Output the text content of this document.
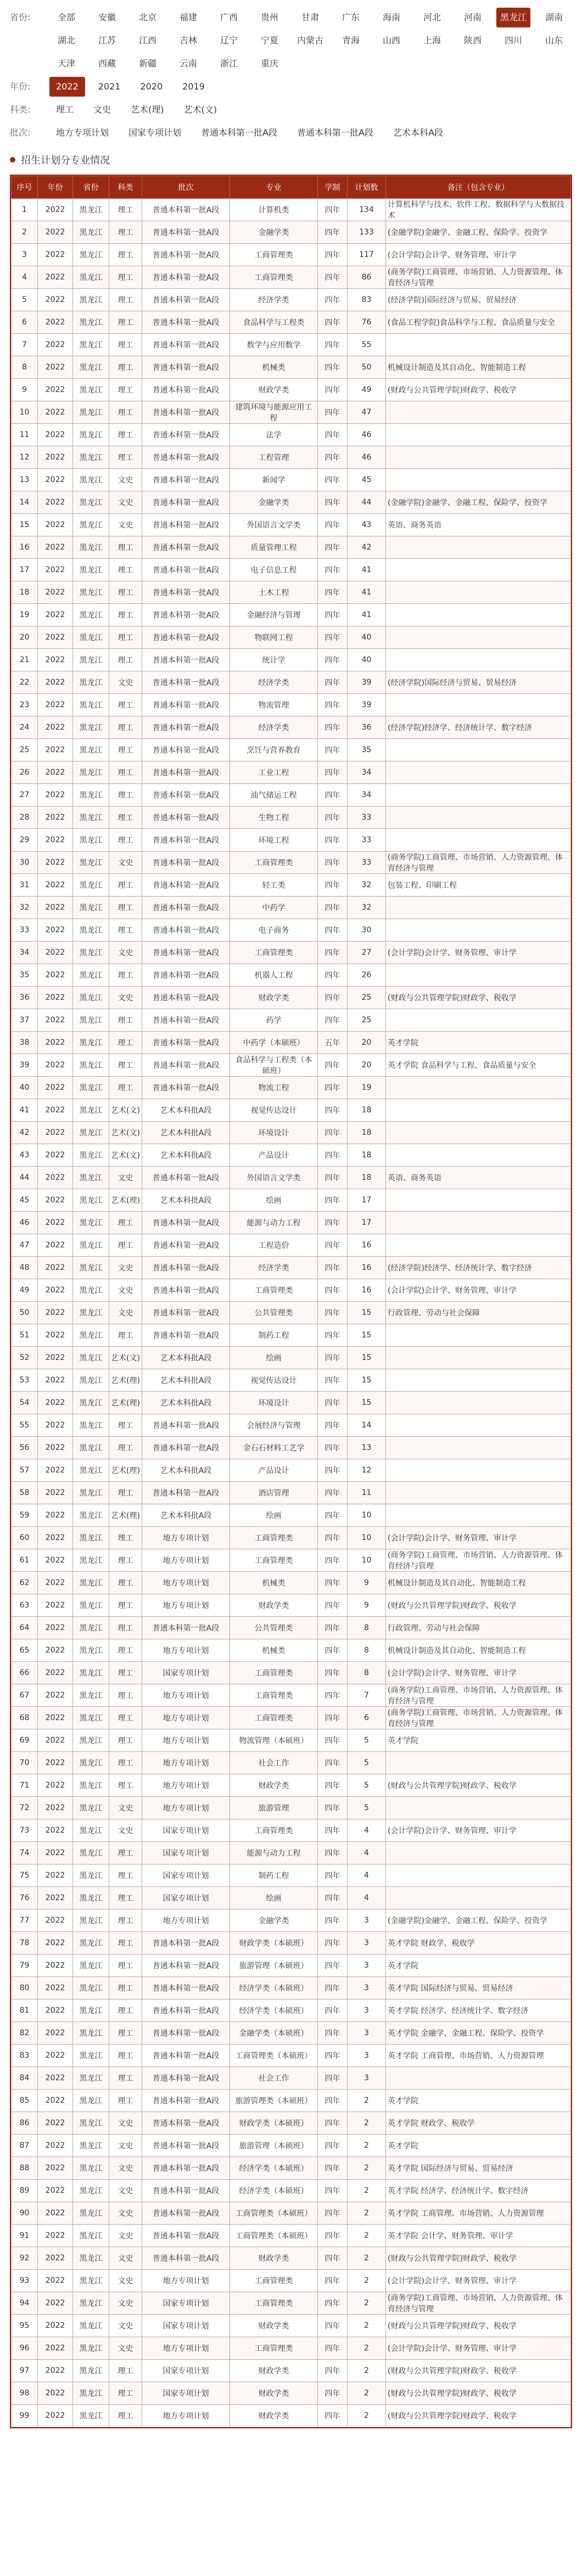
省份:	全部	安徽	北京	福建	广西	贵州	甘肃	广东	海南	河北	河南	黑龙江	湖南
湖北	江苏	江西	吉林	辽宁	宁夏	内蒙古	青海	山西	上海	陕西	四川	山东
天津	西藏	新疆	云南	浙江	重庆
年份:	2022	2021	2020	2019
科类:	理工	文史	艺术(理)	艺术(文)
批次:	地方专项计划	国家专项计划	普通本科第一批A段	普通本科第一批A段	艺术本科A段
招生计划分专业情况
序号	年份	省份	科类	批次	专业	学制	计划数	备注（包含专业）
1	2022	黑龙江	理工	普通本科第一批A段	计算机类	四年	134	计算机科学与技术、软件工程、数据科学与大数据技术
2	2022	黑龙江	理工	普通本科第一批A段	金融学类	四年	133	(金融学院)金融学、金融工程、保险学、投资学
3	2022	黑龙江	理工	普通本科第一批A段	工商管理类	四年	117	(会计学院)会计学、财务管理、审计学
4	2022	黑龙江	理工	普通本科第一批A段	工商管理类	四年	86	(商务学院)工商管理、市场营销、人力资源管理、体育经济与管理
5	2022	黑龙江	理工	普通本科第一批A段	经济学类	四年	83	(经济学院)国际经济与贸易、贸易经济
6	2022	黑龙江	理工	普通本科第一批A段	食品科学与工程类	四年	76	(食品工程学院)食品科学与工程、食品质量与安全
7	2022	黑龙江	理工	普通本科第一批A段	数学与应用数学	四年	55	
8	2022	黑龙江	理工	普通本科第一批A段	机械类	四年	50	机械设计制造及其自动化、智能制造工程
9	2022	黑龙江	理工	普通本科第一批A段	财政学类	四年	49	(财政与公共管理学院)财政学、税收学
10	2022	黑龙江	理工	普通本科第一批A段	建筑环境与能源应用工程	四年	47	
11	2022	黑龙江	理工	普通本科第一批A段	法学	四年	46	
12	2022	黑龙江	理工	普通本科第一批A段	工程管理	四年	46	
13	2022	黑龙江	文史	普通本科第一批A段	新闻学	四年	45	
14	2022	黑龙江	文史	普通本科第一批A段	金融学类	四年	44	(金融学院)金融学、金融工程、保险学、投资学
15	2022	黑龙江	文史	普通本科第一批A段	外国语言文学类	四年	43	英语、商务英语
16	2022	黑龙江	理工	普通本科第一批A段	质量管理工程	四年	42	
17	2022	黑龙江	理工	普通本科第一批A段	电子信息工程	四年	41	
18	2022	黑龙江	理工	普通本科第一批A段	土木工程	四年	41	
19	2022	黑龙江	理工	普通本科第一批A段	金融经济与管理	四年	41	
20	2022	黑龙江	理工	普通本科第一批A段	物联网工程	四年	40	
21	2022	黑龙江	理工	普通本科第一批A段	统计学	四年	40	
22	2022	黑龙江	文史	普通本科第一批A段	经济学类	四年	39	(经济学院)国际经济与贸易、贸易经济
23	2022	黑龙江	理工	普通本科第一批A段	物流管理	四年	39	
24	2022	黑龙江	理工	普通本科第一批A段	经济学类	四年	36	(经济学院)经济学、经济统计学、数字经济
25	2022	黑龙江	理工	普通本科第一批A段	烹饪与营养教育	四年	35	
26	2022	黑龙江	理工	普通本科第一批A段	工业工程	四年	34	
27	2022	黑龙江	理工	普通本科第一批A段	油气储运工程	四年	34	
28	2022	黑龙江	理工	普通本科第一批A段	生物工程	四年	33	
29	2022	黑龙江	理工	普通本科第一批A段	环境工程	四年	33	
30	2022	黑龙江	文史	普通本科第一批A段	工商管理类	四年	33	(商务学院)工商管理、市场营销、人力资源管理、体育经济与管理
31	2022	黑龙江	理工	普通本科第一批A段	轻工类	四年	32	包装工程、印刷工程
32	2022	黑龙江	理工	普通本科第一批A段	中药学	四年	32	
33	2022	黑龙江	理工	普通本科第一批A段	电子商务	四年	30	
34	2022	黑龙江	文史	普通本科第一批A段	工商管理类	四年	27	(会计学院)会计学、财务管理、审计学
35	2022	黑龙江	理工	普通本科第一批A段	机器人工程	四年	26	
36	2022	黑龙江	文史	普通本科第一批A段	财政学类	四年	25	(财政与公共管理学院)财政学、税收学
37	2022	黑龙江	理工	普通本科第一批A段	药学	四年	25	
38	2022	黑龙江	理工	普通本科第一批A段	中药学（本硕班）	五年	20	英才学院
39	2022	黑龙江	理工	普通本科第一批A段	食品科学与工程类（本硕班）	四年	20	英才学院 食品科学与工程、食品质量与安全
40	2022	黑龙江	理工	普通本科第一批A段	物流工程	四年	19	
41	2022	黑龙江	艺术(文)	艺术本科批A段	视觉传达设计	四年	18	
42	2022	黑龙江	艺术(文)	艺术本科批A段	环境设计	四年	18	
43	2022	黑龙江	艺术(文)	艺术本科批A段	产品设计	四年	18	
44	2022	黑龙江	文史	普通本科第一批A段	外国语言文学类	四年	18	英语、商务英语
45	2022	黑龙江	艺术(理)	艺术本科批A段	绘画	四年	17	
46	2022	黑龙江	理工	普通本科第一批A段	能源与动力工程	四年	17	
47	2022	黑龙江	理工	普通本科第一批A段	工程造价	四年	16	
48	2022	黑龙江	文史	普通本科第一批A段	经济学类	四年	16	(经济学院)经济学、经济统计学、数字经济
49	2022	黑龙江	文史	普通本科第一批A段	工商管理类	四年	16	(会计学院)会计学、财务管理、审计学
50	2022	黑龙江	文史	普通本科第一批A段	公共管理类	四年	15	行政管理、劳动与社会保障
51	2022	黑龙江	理工	普通本科第一批A段	制药工程	四年	15	
52	2022	黑龙江	艺术(文)	艺术本科批A段	绘画	四年	15	
53	2022	黑龙江	艺术(理)	艺术本科批A段	视觉传达设计	四年	15	
54	2022	黑龙江	艺术(理)	艺术本科批A段	环境设计	四年	15	
55	2022	黑龙江	理工	普通本科第一批A段	会展经济与管理	四年	14	
56	2022	黑龙江	理工	普通本科第一批A段	金石石材料工艺学	四年	13	
57	2022	黑龙江	艺术(理)	艺术本科批A段	产品设计	四年	12	
58	2022	黑龙江	理工	普通本科第一批A段	酒店管理	四年	11	
59	2022	黑龙江	艺术(理)	艺术本科批A段	绘画	四年	10	
60	2022	黑龙江	理工	地方专项计划	工商管理类	四年	10	(会计学院)会计学、财务管理、审计学
61	2022	黑龙江	理工	地方专项计划	工商管理类	四年	10	(商务学院)工商管理、市场营销、人力资源管理、体育经济与管理
62	2022	黑龙江	理工	地方专项计划	机械类	四年	9	机械设计制造及其自动化、智能制造工程
63	2022	黑龙江	理工	地方专项计划	财政学类	四年	9	(财政与公共管理学院)财政学、税收学
64	2022	黑龙江	理工	普通本科第一批A段	公共管理类	四年	8	行政管理、劳动与社会保障
65	2022	黑龙江	理工	地方专项计划	机械类	四年	8	机械设计制造及其自动化、智能制造工程
66	2022	黑龙江	理工	国家专项计划	工商管理类	四年	8	(会计学院)会计学、财务管理、审计学
67	2022	黑龙江	理工	地方专项计划	工商管理类	四年	7	(商务学院)工商管理、市场营销、人力资源管理、体育经济与管理
68	2022	黑龙江	理工	地方专项计划	工商管理类	四年	6	(商务学院)工商管理、市场营销、人力资源管理、体育经济与管理
69	2022	黑龙江	理工	地方专项计划	物流管理（本硕班）	四年	5	英才学院
70	2022	黑龙江	理工	地方专项计划	社会工作	四年	5	
71	2022	黑龙江	理工	地方专项计划	财政学类	四年	5	(财政与公共管理学院)财政学、税收学
72	2022	黑龙江	文史	地方专项计划	旅游管理	四年	5	
73	2022	黑龙江	文史	国家专项计划	工商管理类	四年	4	(会计学院)会计学、财务管理、审计学
74	2022	黑龙江	理工	国家专项计划	能源与动力工程	四年	4	
75	2022	黑龙江	理工	国家专项计划	制药工程	四年	4	
76	2022	黑龙江	理工	国家专项计划	绘画	四年	4	
77	2022	黑龙江	理工	地方专项计划	金融学类	四年	3	(金融学院)金融学、金融工程、保险学、投资学
78	2022	黑龙江	理工	普通本科第一批A段	财政学类（本硕班）	四年	3	英才学院 财政学、税收学
79	2022	黑龙江	理工	普通本科第一批A段	旅游管理（本硕班）	四年	3	英才学院
80	2022	黑龙江	理工	普通本科第一批A段	经济学类（本硕班）	四年	3	英才学院 国际经济与贸易、贸易经济
81	2022	黑龙江	理工	普通本科第一批A段	经济学类（本硕班）	四年	3	英才学院 经济学、经济统计学、数字经济
82	2022	黑龙江	理工	普通本科第一批A段	金融学类（本硕班）	四年	3	英才学院 金融学、金融工程、保险学、投资学
83	2022	黑龙江	理工	普通本科第一批A段	工商管理类（本硕班）	四年	3	英才学院 工商管理、市场营销、人力资源管理
84	2022	黑龙江	理工	普通本科第一批A段	社会工作	四年	3	
85	2022	黑龙江	理工	普通本科第一批A段	旅游管理类（本硕班）	四年	2	英才学院
86	2022	黑龙江	文史	普通本科第一批A段	财政学类（本硕班）	四年	2	英才学院 财政学、税收学
87	2022	黑龙江	文史	普通本科第一批A段	旅游管理（本硕班）	四年	2	英才学院
88	2022	黑龙江	文史	普通本科第一批A段	经济学类（本硕班）	四年	2	英才学院 国际经济与贸易、贸易经济
89	2022	黑龙江	文史	普通本科第一批A段	经济学类（本硕班）	四年	2	英才学院 经济学、经济统计学、数字经济
90	2022	黑龙江	文史	普通本科第一批A段	工商管理类（本硕班）	四年	2	英才学院 工商管理、市场营销、人力资源管理
91	2022	黑龙江	文史	普通本科第一批A段	工商管理类（本硕班）	四年	2	英才学院 会计学、财务管理、审计学
92	2022	黑龙江	文史	普通本科第一批A段	财政学类	四年	2	(财政与公共管理学院)财政学、税收学
93	2022	黑龙江	文史	地方专项计划	工商管理类	四年	2	(会计学院)会计学、财务管理、审计学
94	2022	黑龙江	文史	国家专项计划	工商管理类	四年	2	(商务学院)工商管理、市场营销、人力资源管理、体育经济与管理
95	2022	黑龙江	文史	国家专项计划	财政学类	四年	2	(财政与公共管理学院)财政学、税收学
96	2022	黑龙江	文史	地方专项计划	工商管理类	四年	2	(会计学院)会计学、财务管理、审计学
97	2022	黑龙江	理工	国家专项计划	财政学类	四年	2	(财政与公共管理学院)财政学、税收学
98	2022	黑龙江	理工	国家专项计划	财政学类	四年	2	(财政与公共管理学院)财政学、税收学
99	2022	黑龙江	理工	地方专项计划	财政学类	四年	2	(财政与公共管理学院)财政学、税收学
